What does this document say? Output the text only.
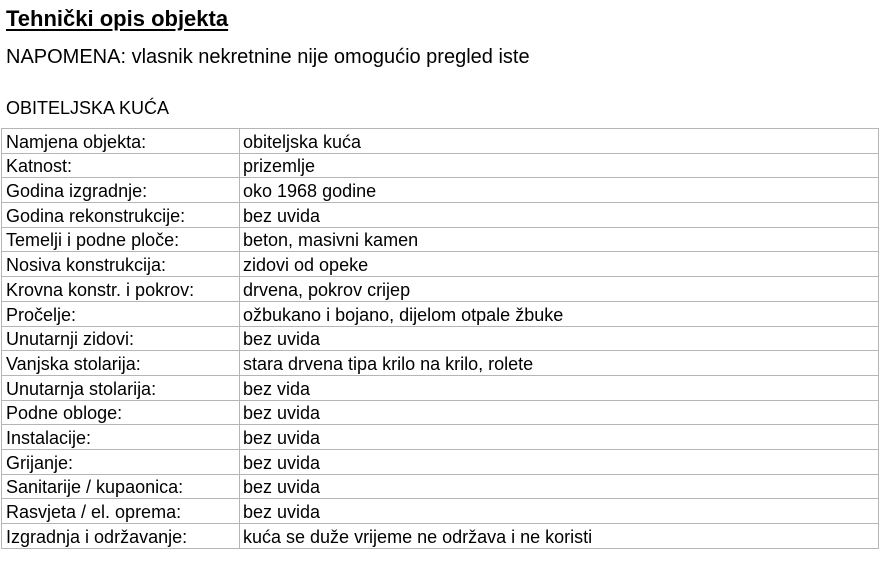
Tehnički opis objekta
NAPOMENA: vlasnik nekretnine nije omogućio pregled iste
OBITELJSKA KUĆA
Namjena objekta:	obiteljska kuća
Katnost:	prizemlje
Godina izgradnje:	oko 1968 godine
Godina rekonstrukcije:	bez uvida
Temelji i podne ploče:	beton, masivni kamen
Nosiva konstrukcija:	zidovi od opeke
Krovna konstr. i pokrov:	drvena, pokrov crijep
Pročelje:	ožbukano i bojano, dijelom otpale žbuke
Unutarnji zidovi:	bez uvida
Vanjska stolarija:	stara drvena tipa krilo na krilo, rolete
Unutarnja stolarija:	bez vida
Podne obloge:	bez uvida
Instalacije:	bez uvida
Grijanje:	bez uvida
Sanitarije / kupaonica:	bez uvida
Rasvjeta / el. oprema:	bez uvida
Izgradnja i održavanje:	kuća se duže vrijeme ne održava i ne koristi
